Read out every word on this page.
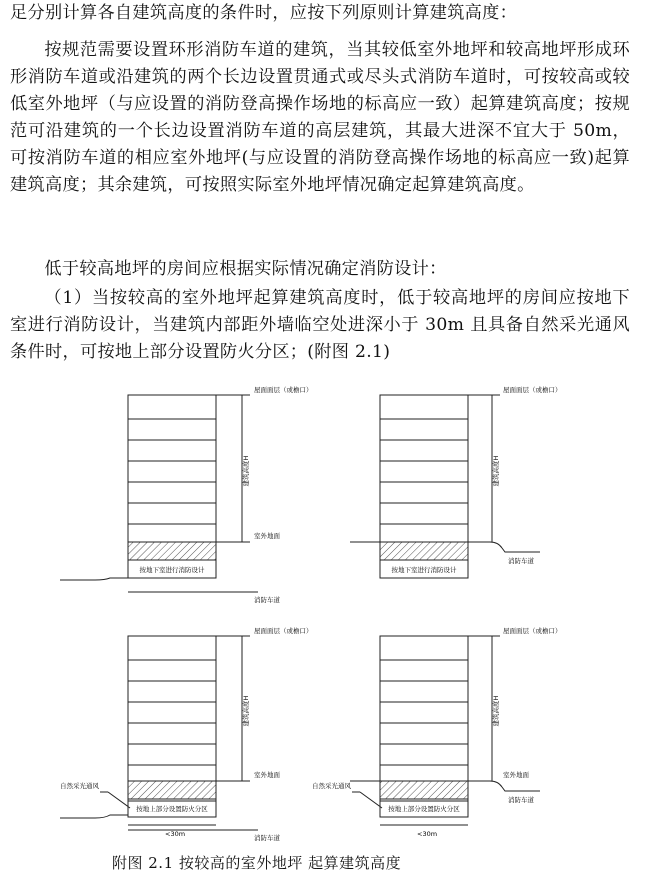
足分别计算各自建筑高度的条件时，应按下列原则计算建筑高度：

按规范需要设置环形消防车道的建筑，当其较低室外地坪和较高地坪形成环形消防车道或沿建筑的两个长边设置贯通式或尽头式消防车道时，可按较高或较低室外地坪（与应设置的消防登高操作场地的标高应一致）起算建筑高度；按规范可沿建筑的一个长边设置消防车道的高层建筑，其最大进深不宜大于 50m，可按消防车道的相应室外地坪(与应设置的消防登高操作场地的标高应一致)起算建筑高度；其余建筑，可按照实际室外地坪情况确定起算建筑高度。

低于较高地坪的房间应根据实际情况确定消防设计：

（1）当按较高的室外地坪起算建筑高度时，低于较高地坪的房间应按地下室进行消防设计，当建筑内部距外墙临空处进深小于 30m 且具备自然采光通风条件时，可按地上部分设置防火分区；(附图 2.1)

屋面面层（或檐口）
建筑高度H
室外地面
按地下室进行消防设计
消防车道
屋面面层（或檐口）
建筑高度H
按地下室进行消防设计
消防车道
屋面面层（或檐口）
建筑高度H
室外地面
按地上部分设置防火分区
自然采光通风
<30m	消防车道
屋面面层（或檐口）
建筑高度H
室外地面
按地上部分设置防火分区
自然采光通风
<30m
消防车道
附图 2.1 按较高的室外地坪 起算建筑高度
